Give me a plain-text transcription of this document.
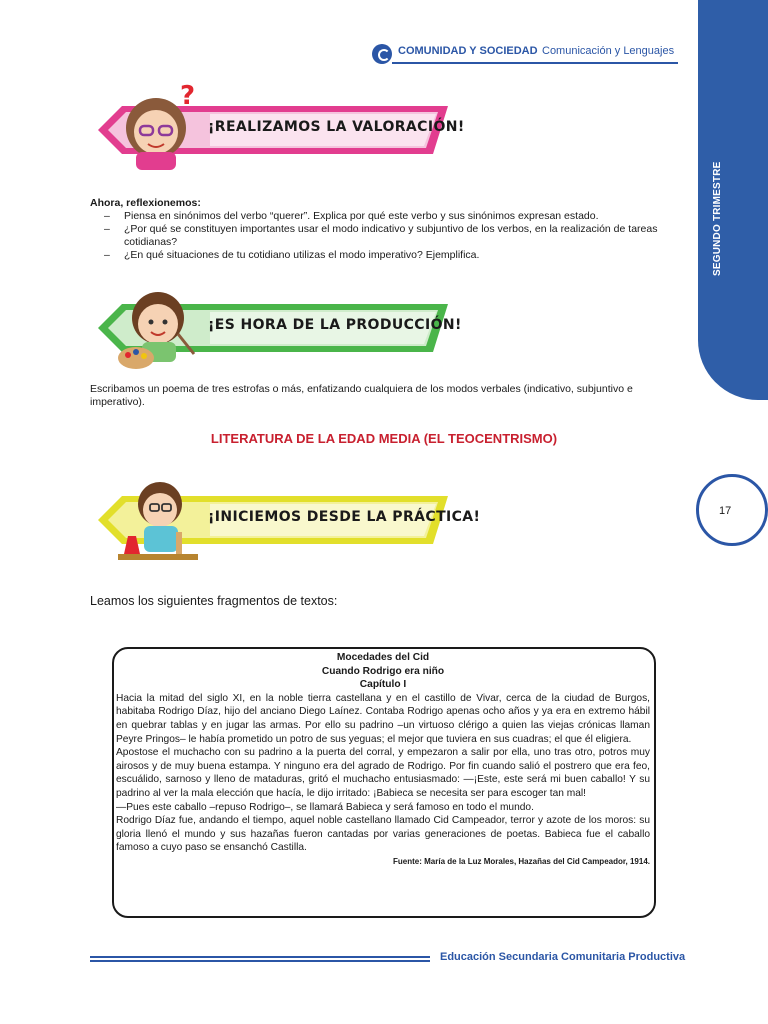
COMUNIDAD Y SOCIEDAD Comunicación y Lenguajes
SEGUNDO TRIMESTRE
17
?
¡REALIZAMOS LA VALORACIÓN!
Ahora, reflexionemos:
– Piensa en sinónimos del verbo “querer”. Explica por qué este verbo y sus sinónimos expresan estado.
– ¿Por qué se constituyen importantes usar el modo indicativo y subjuntivo de los verbos, en la realización de tareas cotidianas?
– ¿En qué situaciones de tu cotidiano utilizas el modo imperativo? Ejemplifica.
¡ES HORA DE LA PRODUCCIÓN!
Escribamos un poema de tres estrofas o más, enfatizando cualquiera de los modos verbales (indicativo, subjuntivo e imperativo).
LITERATURA DE LA EDAD MEDIA (EL TEOCENTRISMO)
¡INICIEMOS DESDE LA PRÁCTICA!
Leamos los siguientes fragmentos de textos:
Mocedades del Cid
Cuando Rodrigo era niño
Capítulo I

Hacia la mitad del siglo XI, en la noble tierra castellana y en el castillo de Vivar, cerca de la ciudad de Burgos, habitaba Rodrigo Díaz, hijo del anciano Diego Laínez. Contaba Rodrigo apenas ocho años y ya era en extremo hábil en quebrar tablas y en jugar las armas. Por ello su padrino –un virtuoso clérigo a quien las viejas crónicas llaman Peyre Pringos– le había prometido un potro de sus yeguas; el mejor que tuviera en sus cuadras; el que él eligiera.

Apostose el muchacho con su padrino a la puerta del corral, y empezaron a salir por ella, uno tras otro, potros muy airosos y de muy buena estampa. Y ninguno era del agrado de Rodrigo. Por fin cuando salió el postrero que era feo, escuálido, sarnoso y lleno de mataduras, gritó el muchacho entusiasmado: —¡Este, este será mi buen caballo! Y su padrino al ver la mala elección que hacía, le dijo irritado: ¡Babieca se necesita ser para escoger tan mal!

—Pues este caballo –repuso Rodrigo–, se llamará Babieca y será famoso en todo el mundo.

Rodrigo Díaz fue, andando el tiempo, aquel noble castellano llamado Cid Campeador, terror y azote de los moros: su gloria llenó el mundo y sus hazañas fueron cantadas por varias generaciones de poetas. Babieca fue el caballo famoso a cuyo paso se ensanchó Castilla.

Fuente: María de la Luz Morales, Hazañas del Cid Campeador, 1914.
Educación Secundaria Comunitaria Productiva
